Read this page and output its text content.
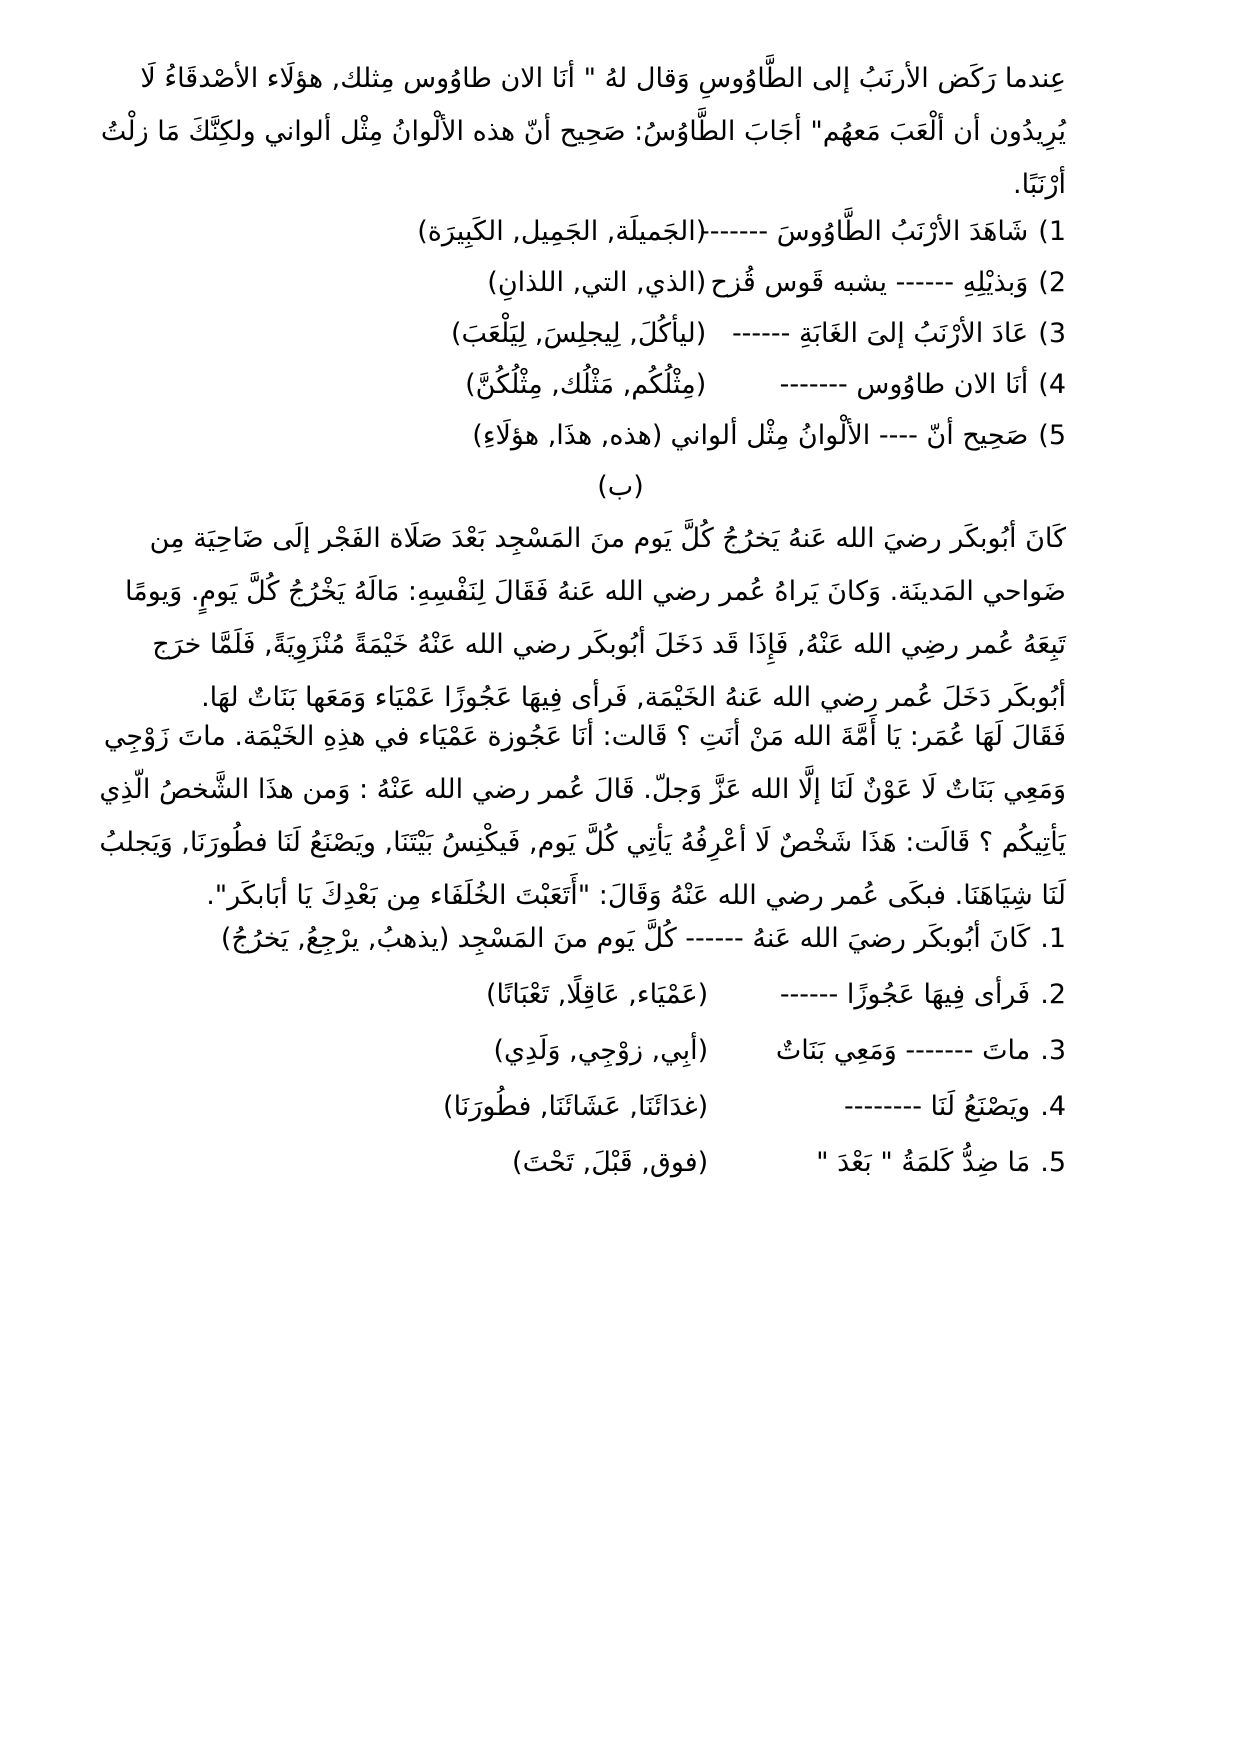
عِندما رَكَض الأرنَبُ إلى الطَّاوُوسِ وَقال لهُ " أنَا الان طاوُوس مِثلك, هؤلَاء الأصْدقَاءُ لَا
يُرِيدُون أن ألْعَبَ مَعهُم" أجَابَ الطَّاوُسُ: صَحِيح أنّ هذه الألْوانُ مِثْل ألواني ولكِنَّكَ مَا زلْتُ
أرْنَبًا.
1)
شَاهَدَ الأرْنَبُ الطَّاوُوسَ -------
(الجَميلَة, الجَمِيل, الكَبِيرَة)
2)
وَبذيْلِهِ ------ يشبه قَوس قُزح
(الذي, التي, اللذانِ)
3)
عَادَ الأرْنَبُ إلىَ الغَابَةِ ------
(ليأكُلَ, لِيجلِسَ, لِيَلْعَبَ)
4)
أنَا الان طاوُوس -------
(مِثْلُكُم, مَثْلُك, مِثْلُكُنَّ)
5)
صَحِيح أنّ ---- الألْوانُ مِثْل ألواني
(هذه, هذَا, هؤلَاءِ)
(ب)
كَانَ أبُوبكَر رضيَ الله عَنهُ يَخرُجُ كُلَّ يَوم منَ المَسْجِد بَعْدَ صَلَاة الفَجْر إلَى ضَاحِيَة مِن
ضَواحي المَدينَة. وَكانَ يَراهُ عُمر رضي الله عَنهُ فَقَالَ لِنَفْسِهِ: مَالَهُ يَخْرُجُ كُلَّ يَومٍ. وَيومًا
تَبِعَهُ عُمر رضِي الله عَنْهُ, فَإِذَا قَد دَخَلَ أبُوبكَر رضي الله عَنْهُ خَيْمَةً مُنْزَوِيَةً, فَلَمَّا خرَج
أبُوبكَر دَخَلَ عُمر رضي الله عَنهُ الخَيْمَة, فَرأى فِيهَا عَجُوزًا عَمْيَاء وَمَعَها بَنَاتٌ لهَا.
فَقَالَ لَهَا عُمَر: يَا أَمَّةَ الله مَنْ أنَتِ ؟ قَالت: أنَا عَجُوزة عَمْيَاء في هذِهِ الخَيْمَة. ماتَ زَوْجِي
وَمَعِي بَنَاتٌ لَا عَوْنٌ لَنَا إلَّا الله عَزَّ وَجلّ. قَالَ عُمر رضي الله عَنْهُ : وَمن هذَا الشَّخصُ الّذِي
يَأتِيكُم ؟ قَالَت: هَذَا شَخْصٌ لَا أعْرِفُهُ يَأتِي كُلَّ يَوم, فَيكْنِسُ بَيْتَنَا, ويَصْنَعُ لَنَا فطُورَنَا, وَيَجلبُ
لَنَا شِيَاهَنَا. فبكَى عُمر رضي الله عَنْهُ وَقَالَ: "أَتَعَبْتَ الخُلَفَاء مِن بَعْدِكَ يَا أبَابكَر".
1.
كَانَ أبُوبكَر رضيَ الله عَنهُ ------ كُلَّ يَوم منَ المَسْجِد
(يذهبُ, يرْجِعُ, يَخرُجُ)
2.
فَرأى فِيهَا عَجُوزًا ------
(عَمْيَاء, عَاقِلًا, تَعْبَانًا)
3.
ماتَ ------- وَمَعِي بَنَاتٌ
(أبِي, زوْجِي, وَلَدِي)
4.
ويَصْنَعُ لَنَا --------
(غدَائَنَا, عَشَائَنَا, فطُورَنَا)
5.
مَا ضِدُّ كَلمَةُ " بَعْدَ "
(فوق, قَبْلَ, تَحْتَ)
